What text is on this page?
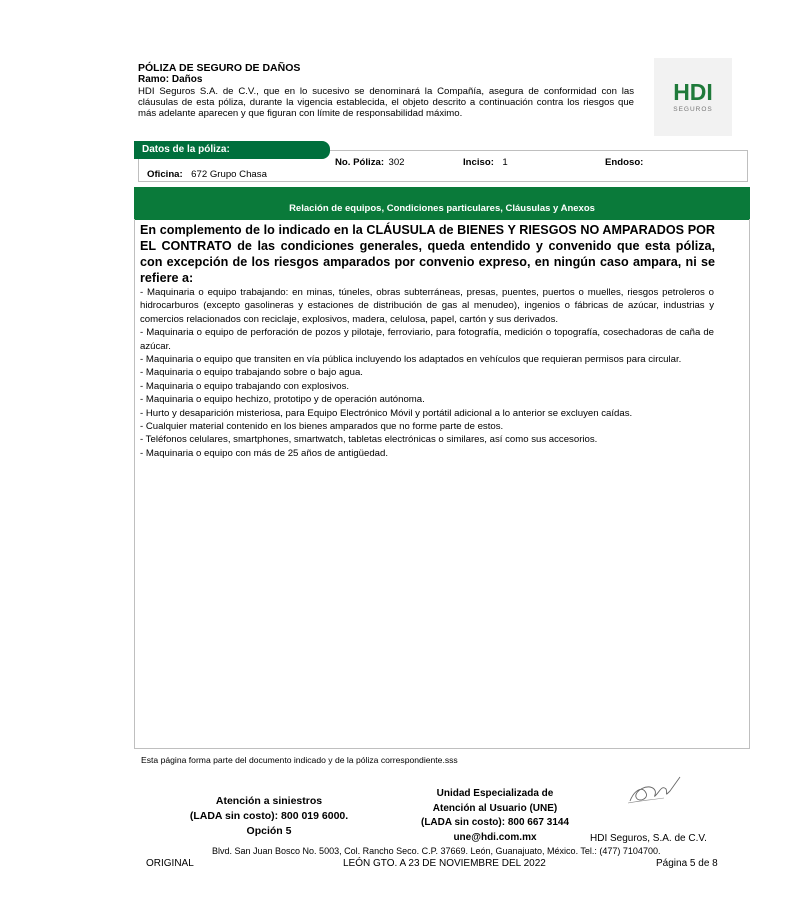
PÓLIZA DE SEGURO DE DAÑOS
Ramo: Daños
HDI Seguros S.A. de C.V., que en lo sucesivo se denominará la Compañía, asegura de conformidad con las cláusulas de esta póliza, durante la vigencia establecida, el objeto descrito a continuación contra los riesgos que más adelante aparecen y que figuran con límite de responsabilidad máximo.
HDI
SEGUROS
Datos de la póliza:
No. Póliza: 302	Inciso: 1	Endoso:
Oficina: 672 Grupo Chasa
Relación de equipos, Condiciones particulares, Cláusulas y Anexos
En complemento de lo indicado en la CLÁUSULA de BIENES Y RIESGOS NO AMPARADOS POR EL CONTRATO de las condiciones generales, queda entendido y convenido que esta póliza, con excepción de los riesgos amparados por convenio expreso, en ningún caso ampara, ni se refiere a:
- Maquinaria o equipo trabajando: en minas, túneles, obras subterráneas, presas, puentes, puertos o muelles, riesgos petroleros o hidrocarburos (excepto gasolineras y estaciones de distribución de gas al menudeo), ingenios o fábricas de azúcar, industrias y comercios relacionados con reciclaje, explosivos, madera, celulosa, papel, cartón y sus derivados.
- Maquinaria o equipo de perforación de pozos y pilotaje, ferroviario, para fotografía, medición o topografía, cosechadoras de caña de azúcar.
- Maquinaria o equipo que transiten en vía pública incluyendo los adaptados en vehículos que requieran permisos para circular.
- Maquinaria o equipo trabajando sobre o bajo agua.
- Maquinaria o equipo trabajando con explosivos.
- Maquinaria o equipo hechizo, prototipo y de operación autónoma.
- Hurto y desaparición misteriosa, para Equipo Electrónico Móvil y portátil adicional a lo anterior se excluyen caídas.
- Cualquier material contenido en los bienes amparados que no forme parte de estos.
- Teléfonos celulares, smartphones, smartwatch, tabletas electrónicas o similares, así como sus accesorios.
- Maquinaria o equipo con más de 25 años de antigüedad.
Esta página forma parte del documento indicado y de la póliza correspondiente.sss
Atención a siniestros
(LADA sin costo): 800 019 6000.
Opción 5
Unidad Especializada de
Atención al Usuario (UNE)
(LADA sin costo): 800 667 3144
une@hdi.com.mx	HDI Seguros, S.A. de C.V.
Blvd. San Juan Bosco No. 5003, Col. Rancho Seco. C.P. 37669. León, Guanajuato, México. Tel.: (477) 7104700.
ORIGINAL	LEÓN GTO. A 23 DE NOVIEMBRE DEL 2022	Página 5 de 8
